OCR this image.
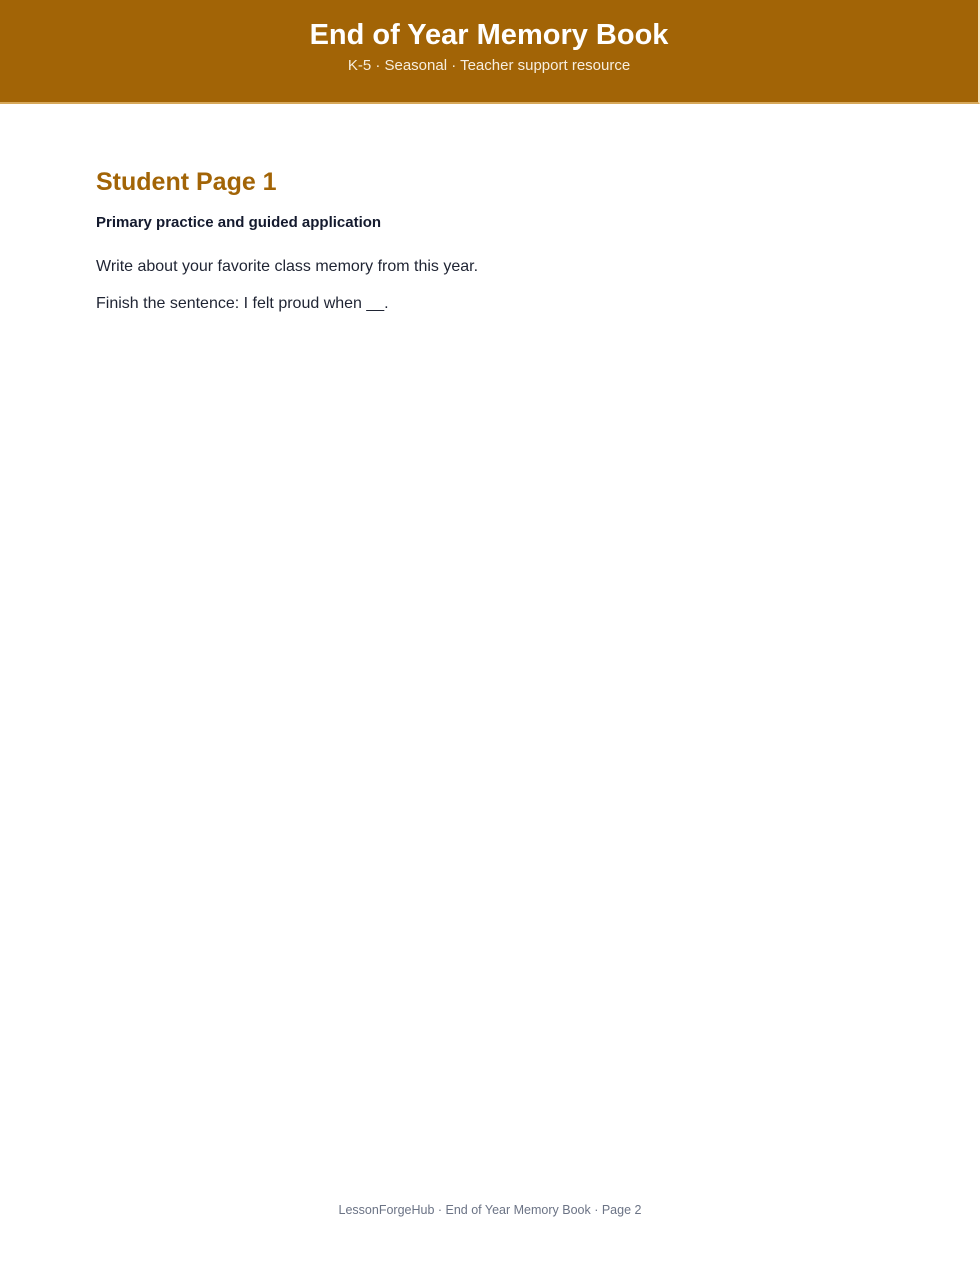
End of Year Memory Book
K-5 · Seasonal · Teacher support resource
Student Page 1
Primary practice and guided application
Write about your favorite class memory from this year.
Finish the sentence: I felt proud when __.
LessonForgeHub · End of Year Memory Book · Page 2
